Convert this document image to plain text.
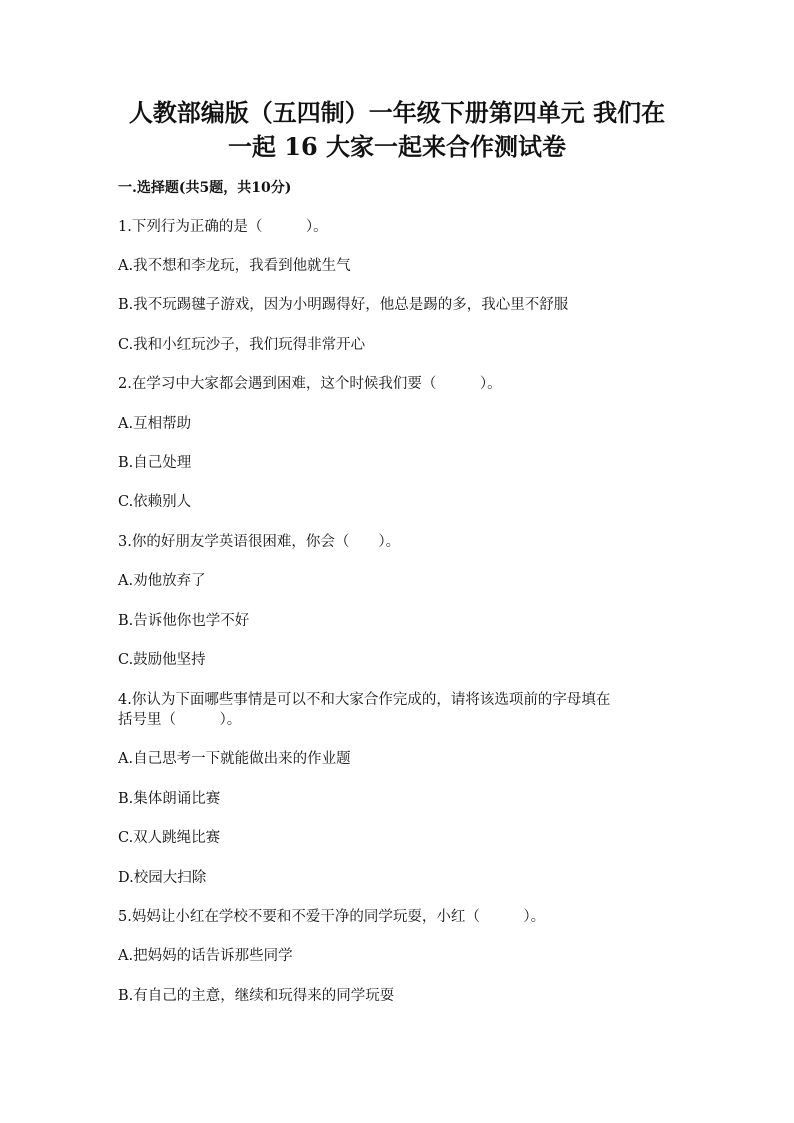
人教部编版（五四制）一年级下册第四单元 我们在
一起 16 大家一起来合作测试卷
一.选择题(共5题，共10分)
1.下列行为正确的是（　　　）。
A.我不想和李龙玩，我看到他就生气
B.我不玩踢毽子游戏，因为小明踢得好，他总是踢的多，我心里不舒服
C.我和小红玩沙子，我们玩得非常开心
2.在学习中大家都会遇到困难，这个时候我们要（　　　）。
A.互相帮助
B.自己处理
C.依赖别人
3.你的好朋友学英语很困难，你会（　　）。
A.劝他放弃了
B.告诉他你也学不好
C.鼓励他坚持
4.你认为下面哪些事情是可以不和大家合作完成的，请将该选项前的字母填在
括号里（　　　）。
A.自己思考一下就能做出来的作业题
B.集体朗诵比赛
C.双人跳绳比赛
D.校园大扫除
5.妈妈让小红在学校不要和不爱干净的同学玩耍，小红（　　　）。
A.把妈妈的话告诉那些同学
B.有自己的主意，继续和玩得来的同学玩耍
